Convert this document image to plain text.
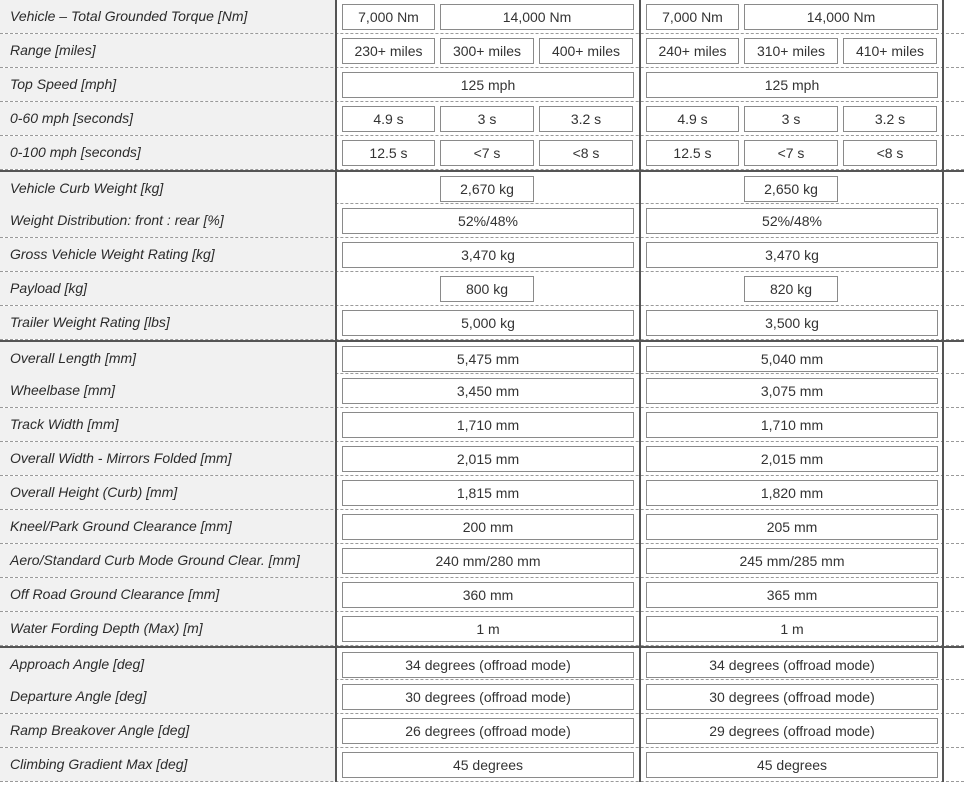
Vehicle – Total Grounded Torque [Nm]	7,000 Nm	14,000 Nm	7,000 Nm	14,000 Nm
Range [miles]	230+ miles	300+ miles	400+ miles	240+ miles	310+ miles	410+ miles
Top Speed [mph]	125 mph	125 mph
0-60 mph [seconds]	4.9 s	3 s	3.2 s	4.9 s	3 s	3.2 s
0-100 mph [seconds]	12.5 s	<7 s	<8 s	12.5 s	<7 s	<8 s
Vehicle Curb Weight [kg]	2,670 kg	2,650 kg
Weight Distribution: front : rear [%]	52%/48%	52%/48%
Gross Vehicle Weight Rating [kg]	3,470 kg	3,470 kg
Payload [kg]	800 kg	820 kg
Trailer Weight Rating [lbs]	5,000 kg	3,500 kg
Overall Length [mm]	5,475 mm	5,040 mm
Wheelbase [mm]	3,450 mm	3,075 mm
Track Width [mm]	1,710 mm	1,710 mm
Overall Width - Mirrors Folded [mm]	2,015 mm	2,015 mm
Overall Height (Curb) [mm]	1,815 mm	1,820 mm
Kneel/Park Ground Clearance [mm]	200 mm	205 mm
Aero/Standard Curb Mode Ground Clear. [mm]	240 mm/280 mm	245 mm/285 mm
Off Road Ground Clearance [mm]	360 mm	365 mm
Water Fording Depth (Max) [m]	1 m	1 m
Approach Angle [deg]	34 degrees (offroad mode)	34 degrees (offroad mode)
Departure Angle [deg]	30 degrees (offroad mode)	30 degrees (offroad mode)
Ramp Breakover Angle [deg]	26 degrees (offroad mode)	29 degrees (offroad mode)
Climbing Gradient Max [deg]	45 degrees	45 degrees
